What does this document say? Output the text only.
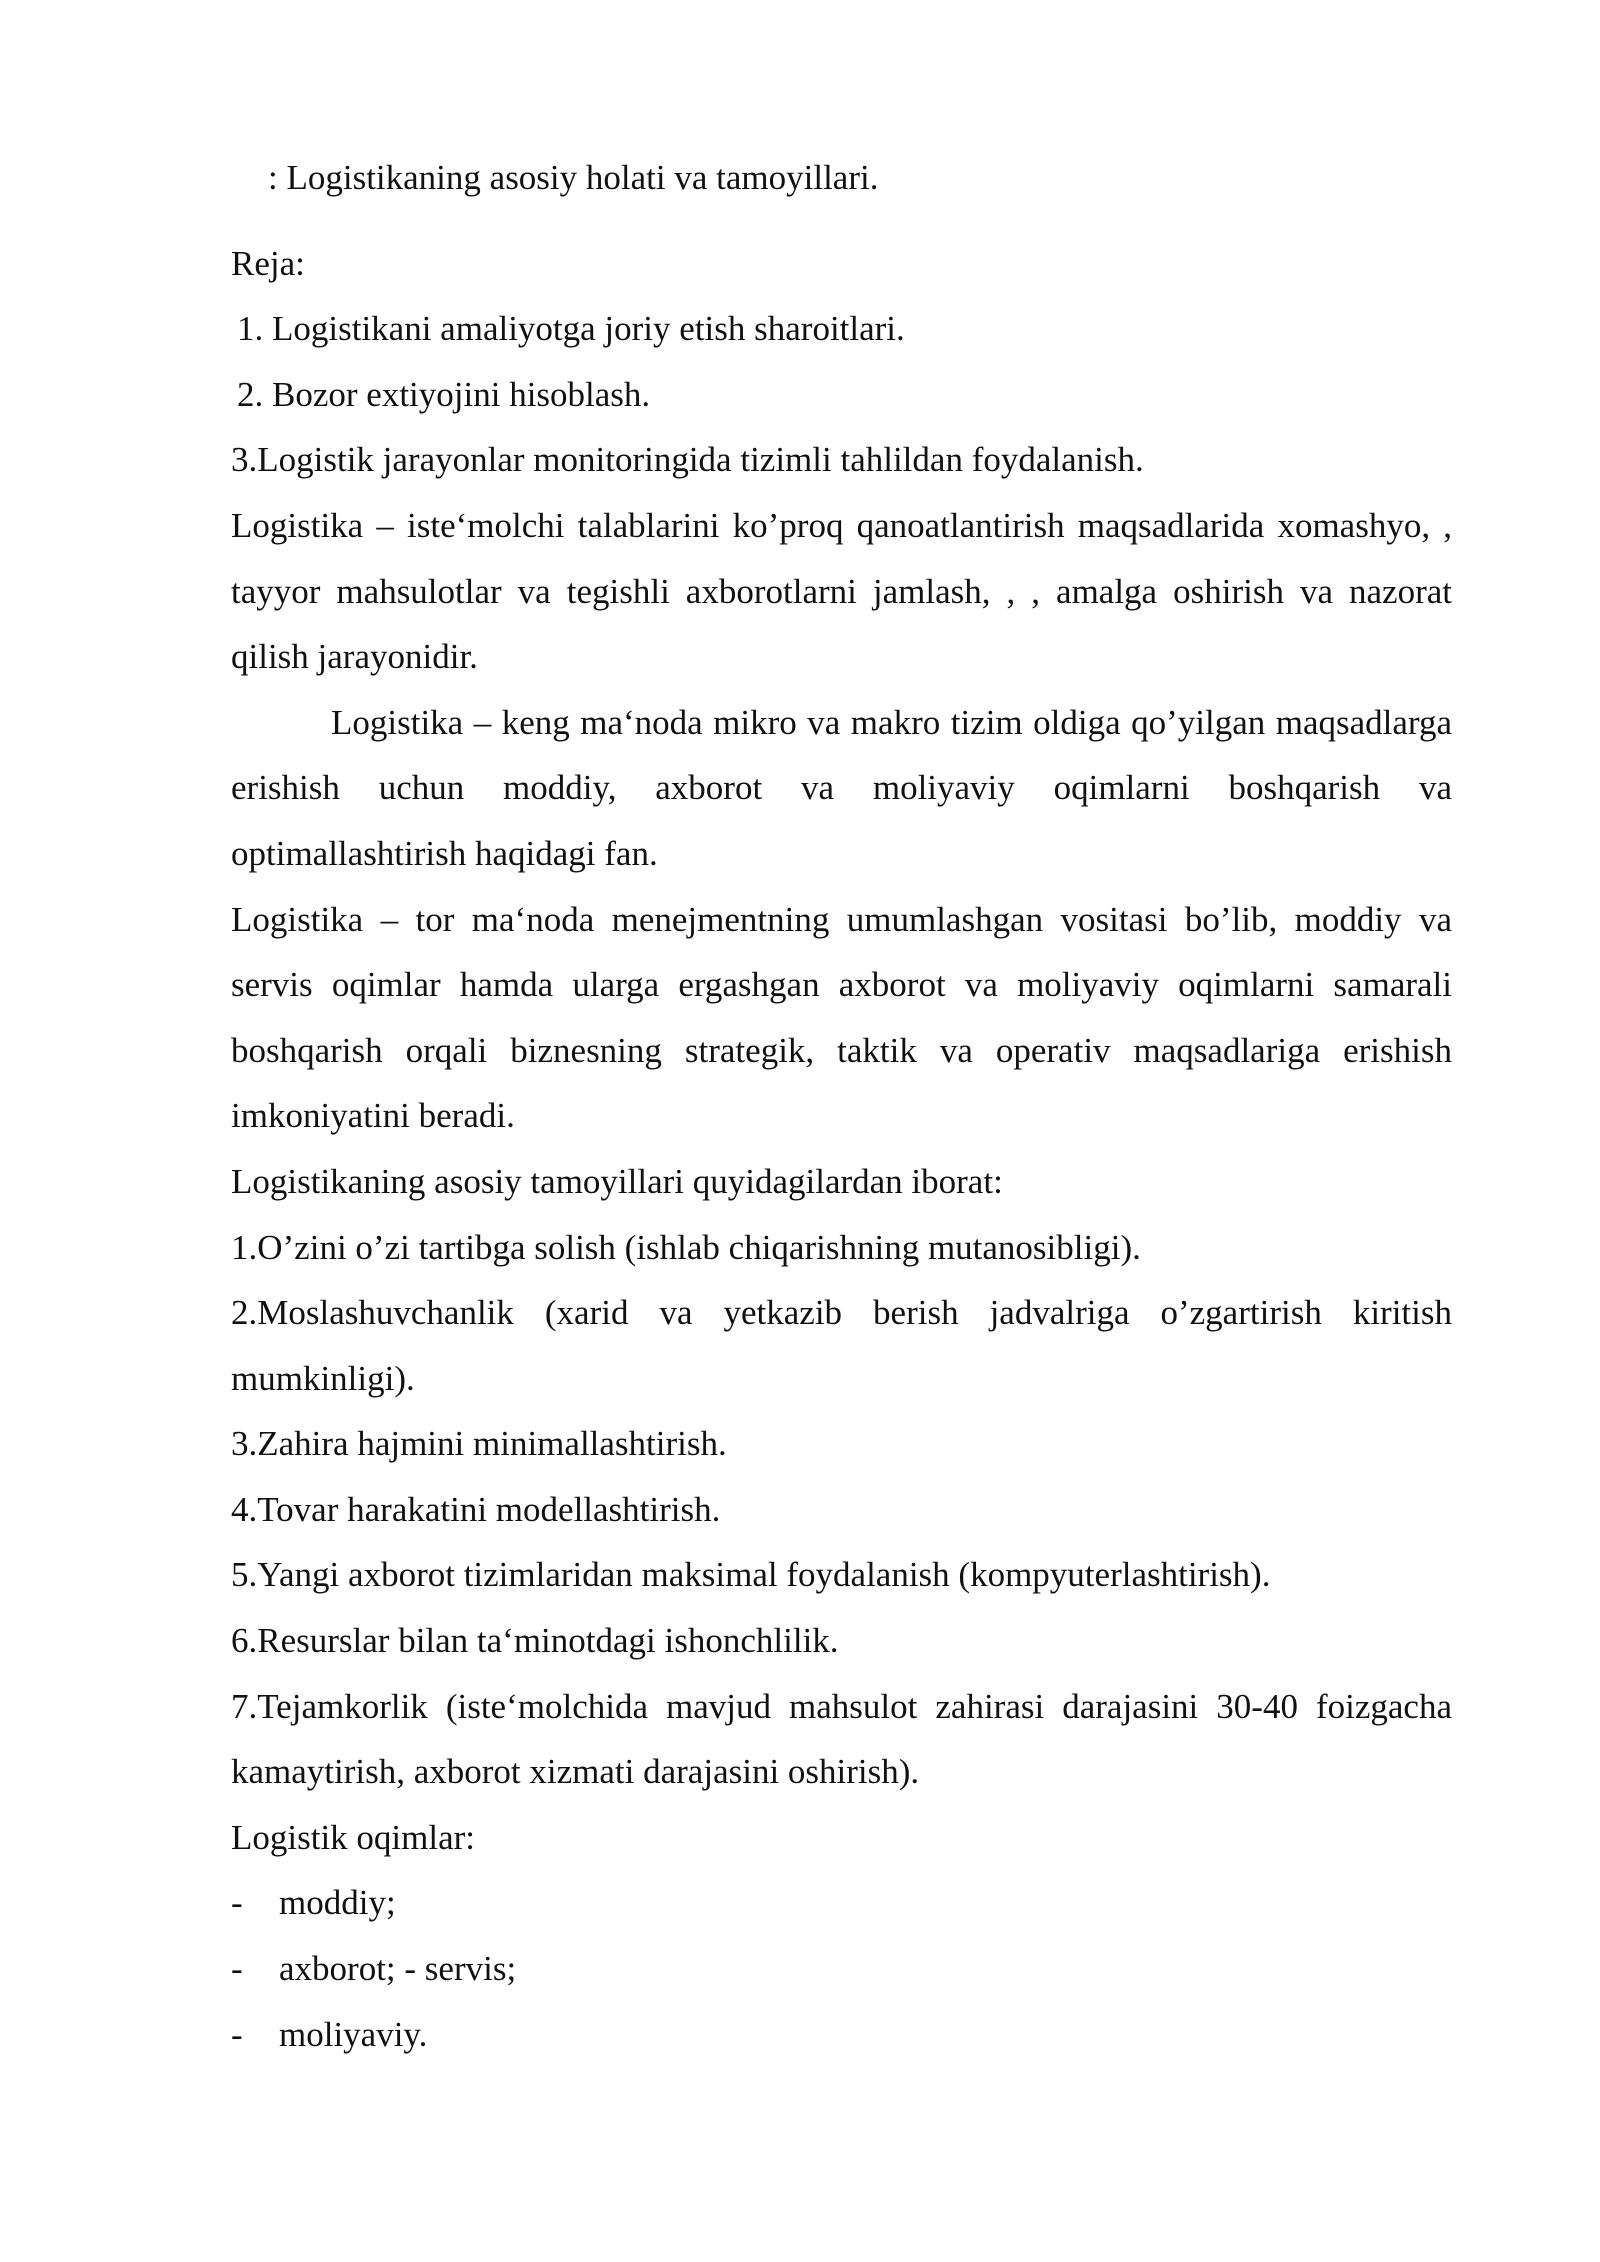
: Logistikaning asosiy holati va tamoyillari.
Reja:
1. Logistikani amaliyotga joriy etish sharoitlari.
2. Bozor extiyojini hisoblash.
3.Logistik jarayonlar monitoringida tizimli tahlildan foydalanish.

Logistika – iste‘molchi talablarini ko’proq qanoatlantirish maqsadlarida xomashyo, , tayyor mahsulotlar va tegishli axborotlarni jamlash, , , amalga oshirish va nazorat qilish jarayonidir.

Logistika – keng ma‘noda mikro va makro tizim oldiga qo’yilgan maqsadlarga erishish uchun moddiy, axborot va moliyaviy oqimlarni boshqarish va optimallashtirish haqidagi fan.

Logistika – tor ma‘noda menejmentning umumlashgan vositasi bo’lib, moddiy va servis oqimlar hamda ularga ergashgan axborot va moliyaviy oqimlarni samarali boshqarish orqali biznesning strategik, taktik va operativ maqsadlariga erishish imkoniyatini beradi.

Logistikaning asosiy tamoyillari quyidagilardan iborat:

1.O’zini o’zi tartibga solish (ishlab chiqarishning mutanosibligi).

2.Moslashuvchanlik (xarid va yetkazib berish jadvalriga o’zgartirish kiritish mumkinligi).

3.Zahira hajmini minimallashtirish.

4.Tovar harakatini modellashtirish.

5.Yangi axborot tizimlaridan maksimal foydalanish (kompyuterlashtirish).

6.Resurslar bilan ta‘minotdagi ishonchlilik.

7.Tejamkorlik (iste‘molchida mavjud mahsulot zahirasi darajasini 30-40 foizgacha kamaytirish, axborot xizmati darajasini oshirish).

Logistik oqimlar:
- moddiy;
- axborot; - servis;
- moliyaviy.
